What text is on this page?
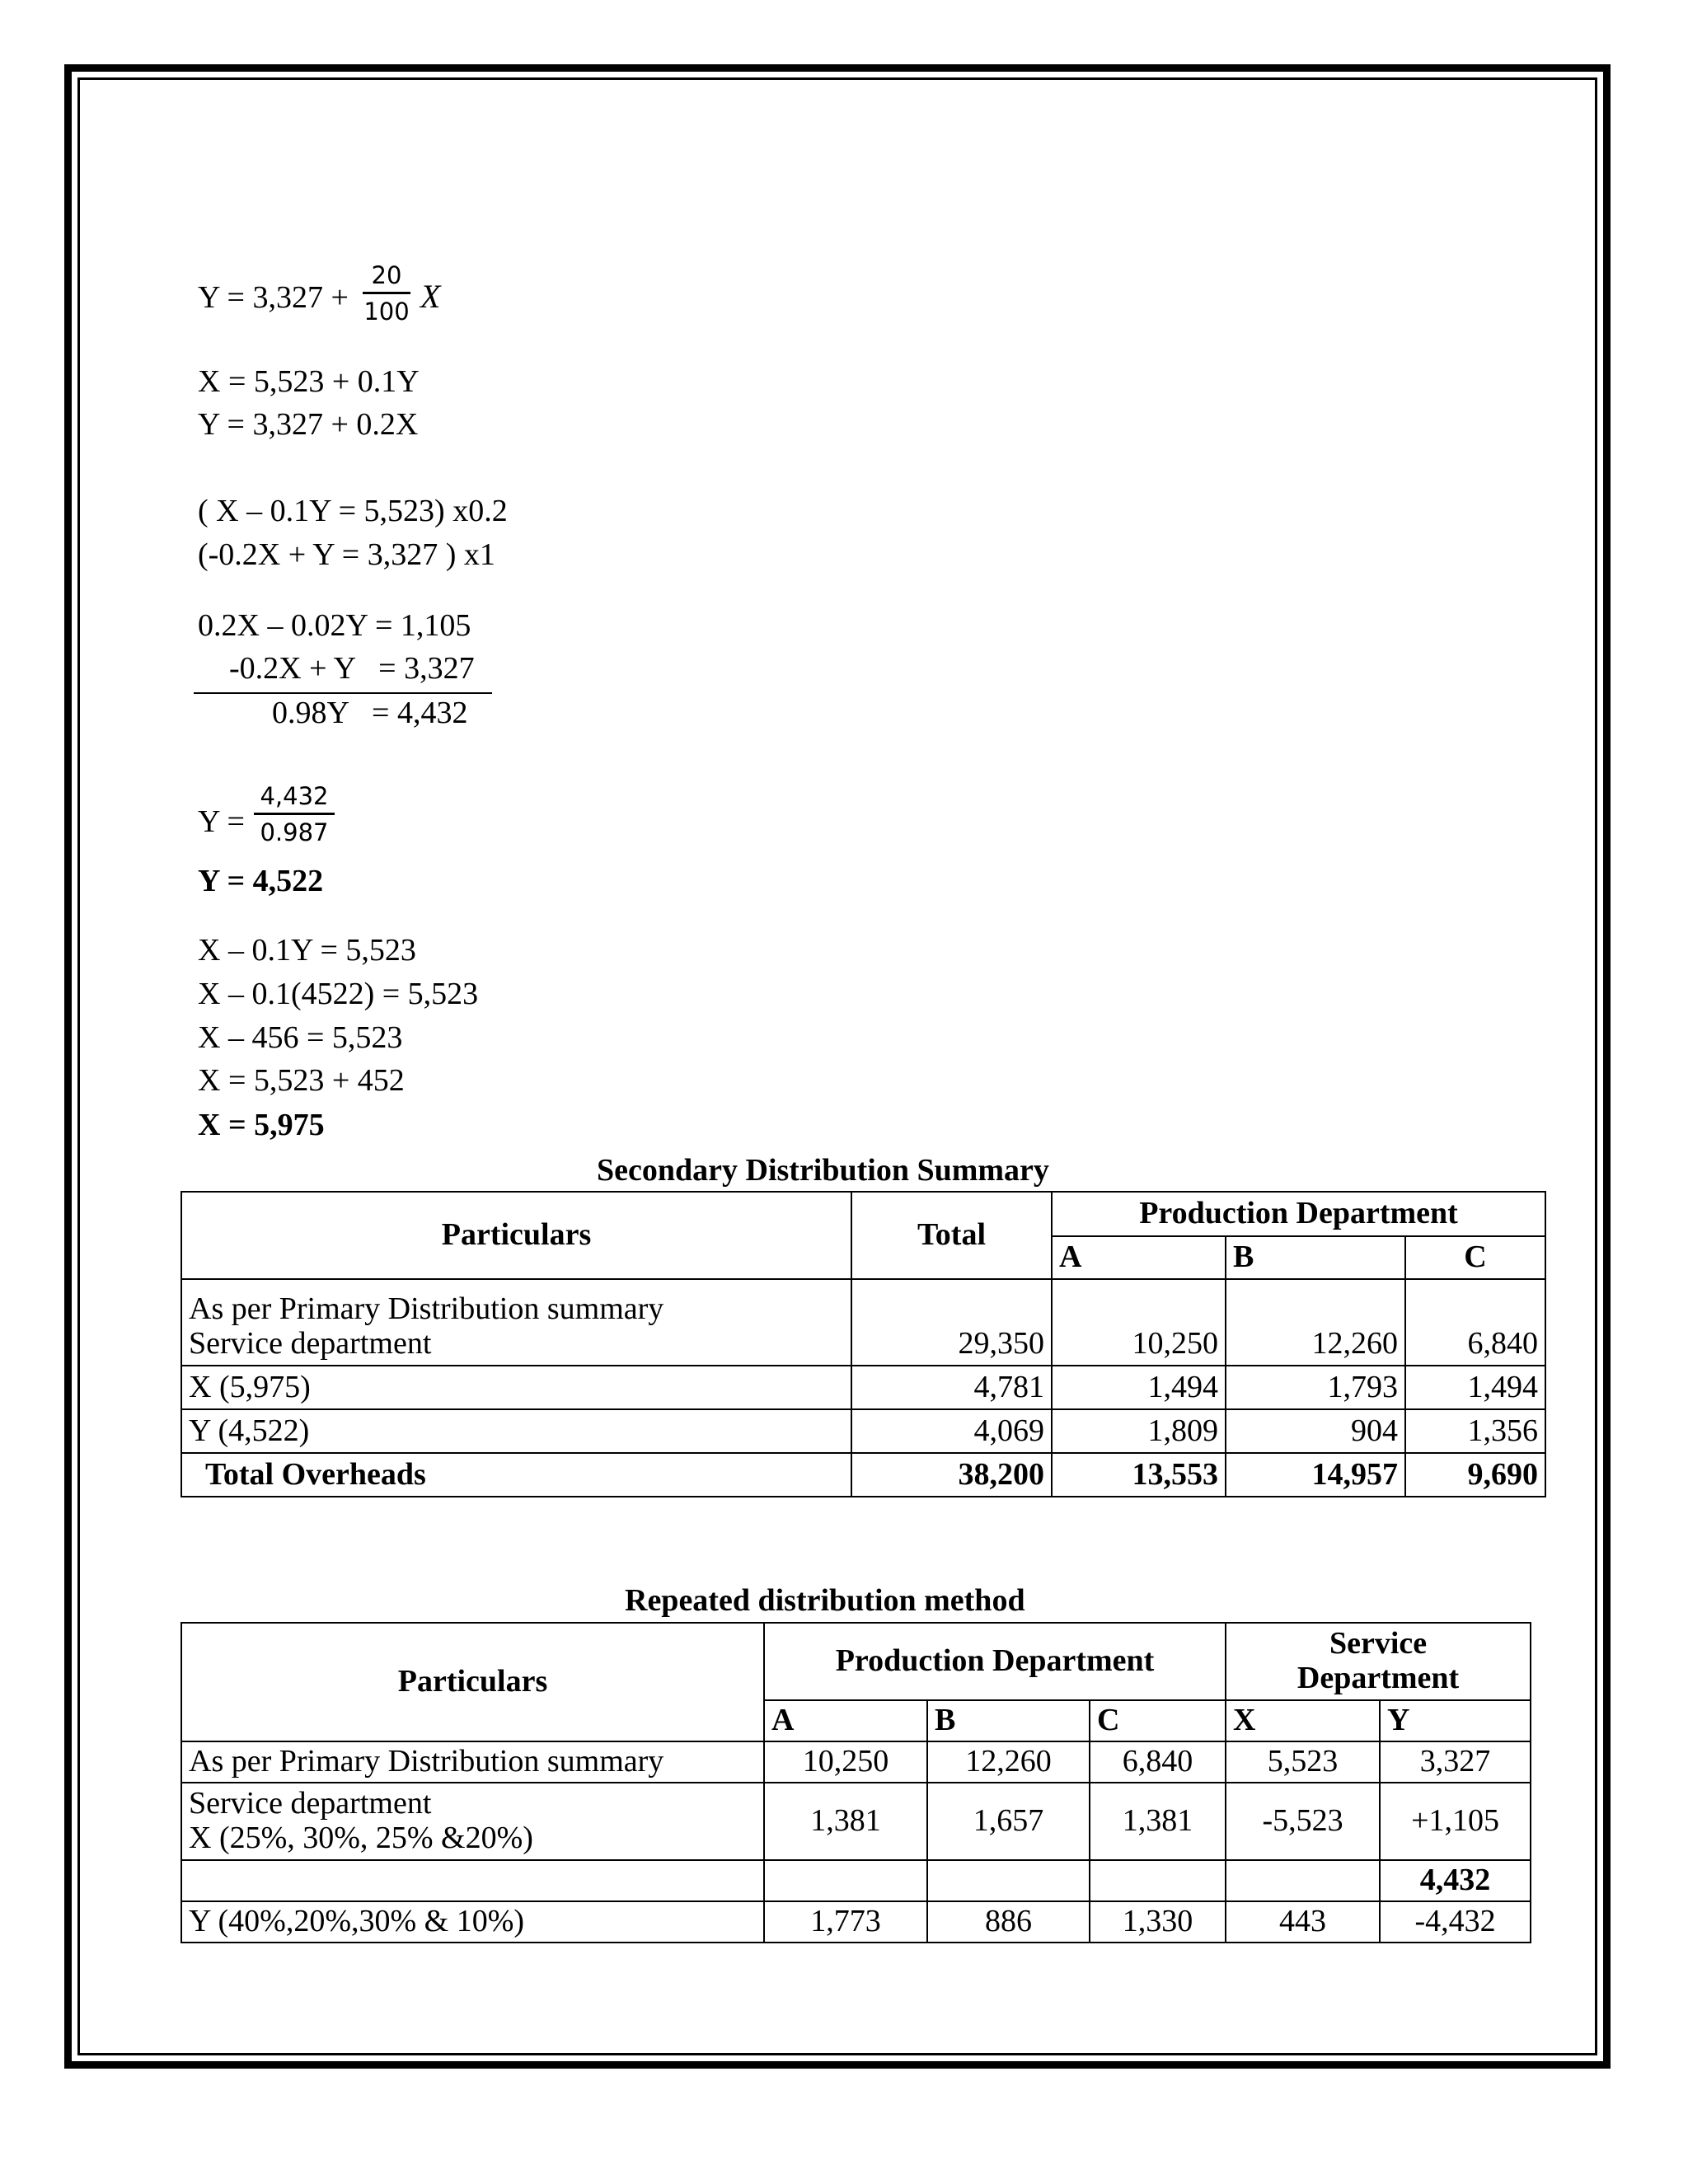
Y = 3,327 +
20
100 X
X = 5,523 + 0.1Y
Y = 3,327 + 0.2X
( X – 0.1Y = 5,523) x0.2
(-0.2X + Y = 3,327 ) x1
0.2X – 0.02Y = 1,105
-0.2X + Y   = 3,327
0.98Y   = 4,432
Y =
4,432
0.987
Y = 4,522
X – 0.1Y = 5,523
X – 0.1(4522) = 5,523
X – 456 = 5,523
X = 5,523 + 452
X = 5,975
Secondary Distribution Summary
Particulars	Total	Production Department		
		A	B	C

As per Primary Distribution summary
Service department	29,350	10,250	12,260	6,840
X (5,975)	4,781	1,494	1,793	1,494
Y (4,522)	4,069	1,809	904	1,356
Total Overheads	38,200	13,553	14,957	9,690
Repeated distribution method
Particulars	Production Department			Service
Department	

	A	B	C	X	Y
As per Primary Distribution summary	10,250	12,260	6,840	5,523	3,327

Service department
X (25%, 30%, 25% &20%)	1,381	1,657	1,381	-5,523	+1,105
					4,432
Y (40%,20%,30% & 10%)	1,773	886	1,330	443	-4,432
